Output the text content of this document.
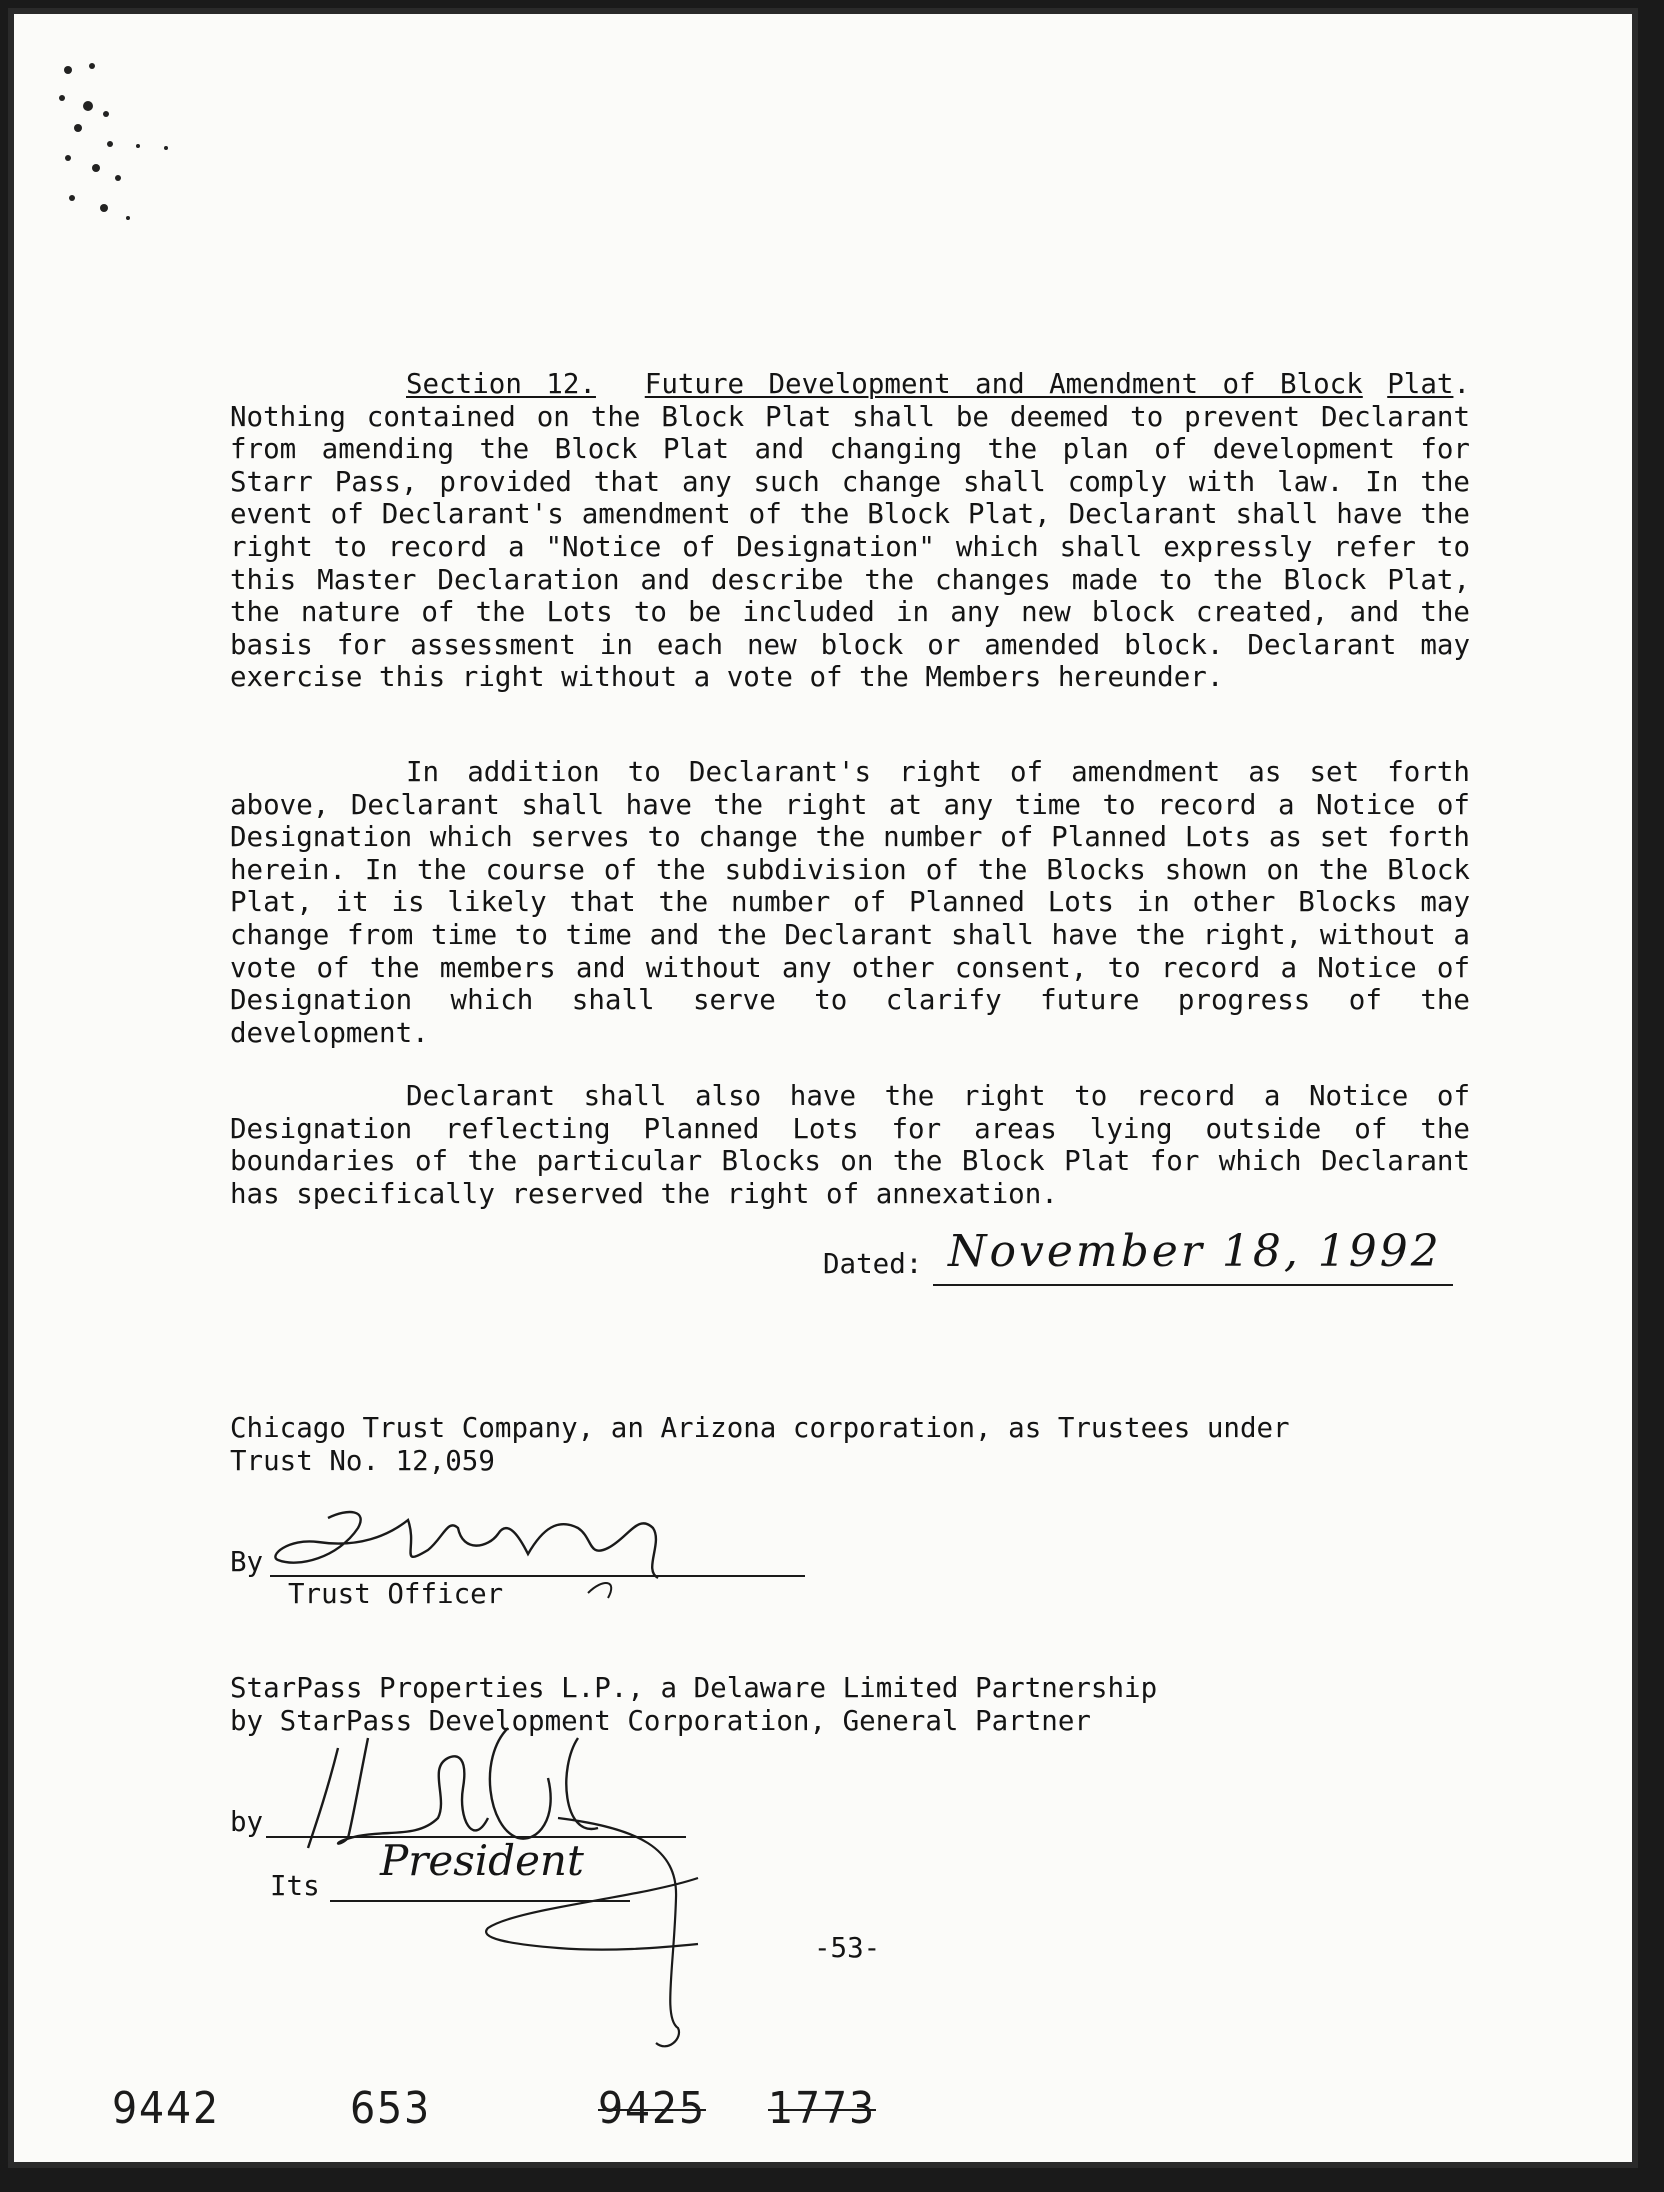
Section 12. Future Development and Amendment of Block Plat. Nothing contained on the Block Plat shall be deemed to prevent Declarant from amending the Block Plat and changing the plan of development for Starr Pass, provided that any such change shall comply with law. In the event of Declarant's amendment of the Block Plat, Declarant shall have the right to record a "Notice of Designation" which shall expressly refer to this Master Declaration and describe the changes made to the Block Plat, the nature of the Lots to be included in any new block created, and the basis for assessment in each new block or amended block. Declarant may exercise this right without a vote of the Members hereunder.

In addition to Declarant's right of amendment as set forth above, Declarant shall have the right at any time to record a Notice of Designation which serves to change the number of Planned Lots as set forth herein. In the course of the subdivision of the Blocks shown on the Block Plat, it is likely that the number of Planned Lots in other Blocks may change from time to time and the Declarant shall have the right, without a vote of the members and without any other consent, to record a Notice of Designation which shall serve to clarify future progress of the development.

Declarant shall also have the right to record a Notice of Designation reflecting Planned Lots for areas lying outside of the boundaries of the particular Blocks on the Block Plat for which Declarant has specifically reserved the right of annexation.

Dated: November 18, 1992
Chicago Trust Company, an Arizona corporation, as Trustees under
Trust No. 12,059
By
Trust Officer
StarPass Properties L.P., a Delaware Limited Partnership
by StarPass Development Corporation, General Partner
by
Its
President
-53-
9442	653	9425 1773
